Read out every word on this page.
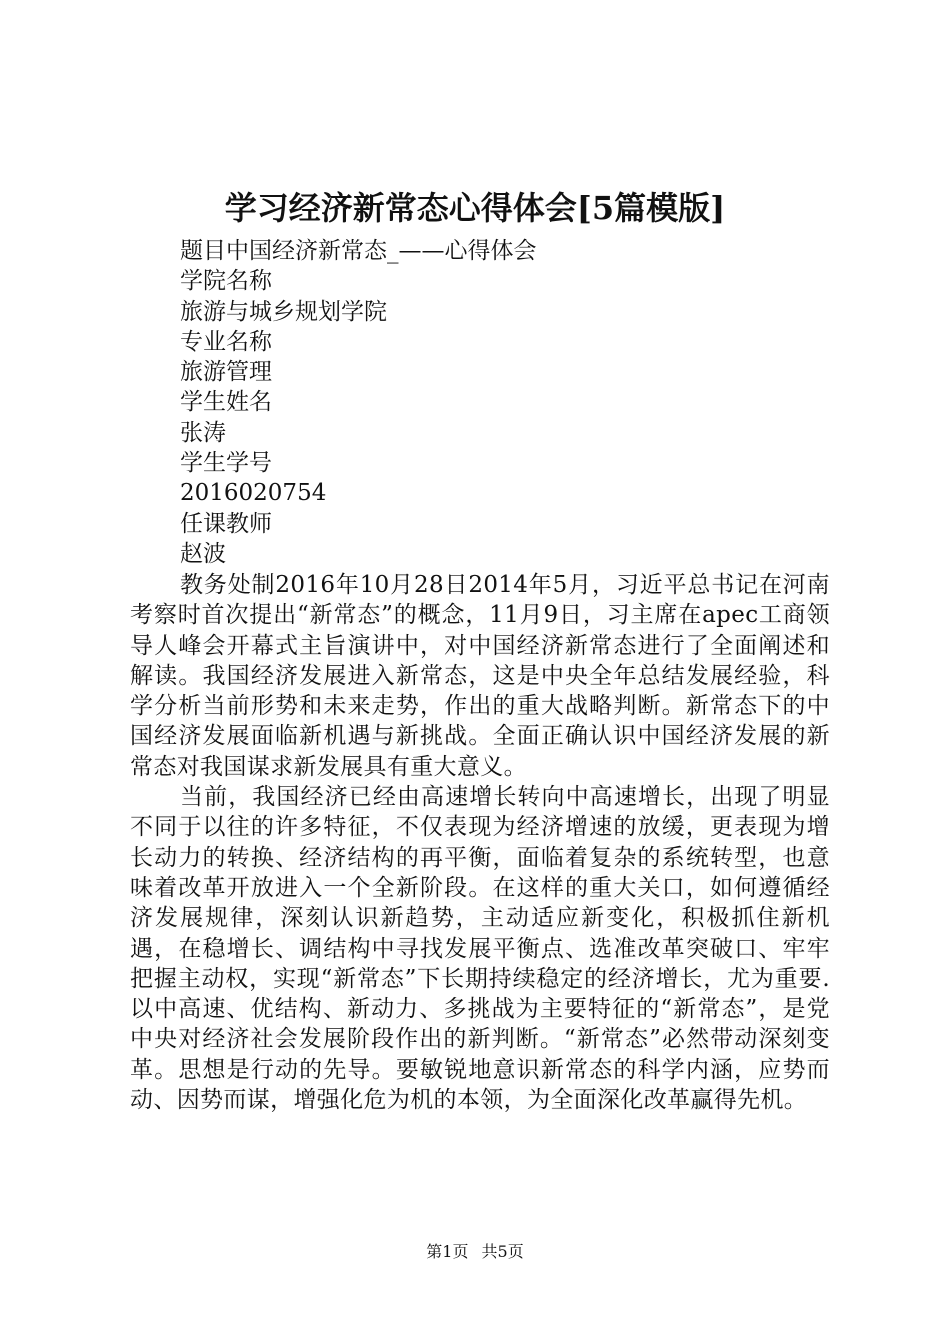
学习经济新常态心得体会[5篇模版]
题目中国经济新常态_——心得体会
学院名称
旅游与城乡规划学院
专业名称
旅游管理
学生姓名
张涛
学生学号
2016020754
任课教师
赵波

教务处制2016年10月28日2014年5月，习近平总书记在河南考察时首次提出“新常态”的概念，11月9日，习主席在apec工商领导人峰会开幕式主旨演讲中，对中国经济新常态进行了全面阐述和解读。我国经济发展进入新常态，这是中央全年总结发展经验，科学分析当前形势和未来走势，作出的重大战略判断。新常态下的中国经济发展面临新机遇与新挑战。全面正确认识中国经济发展的新常态对我国谋求新发展具有重大意义。

当前，我国经济已经由高速增长转向中高速增长，出现了明显不同于以往的许多特征，不仅表现为经济增速的放缓，更表现为增长动力的转换、经济结构的再平衡，面临着复杂的系统转型，也意味着改革开放进入一个全新阶段。在这样的重大关口，如何遵循经济发展规律，深刻认识新趋势，主动适应新变化，积极抓住新机遇，在稳增长、调结构中寻找发展平衡点、选准改革突破口、牢牢把握主动权，实现“新常态”下长期持续稳定的经济增长，尤为重要.以中高速、优结构、新动力、多挑战为主要特征的“新常态”，是党中央对经济社会发展阶段作出的新判断。“新常态”必然带动深刻变革。思想是行动的先导。要敏锐地意识新常态的科学内涵，应势而动、因势而谋，增强化危为机的本领，为全面深化改革赢得先机。

第1页 共5页
